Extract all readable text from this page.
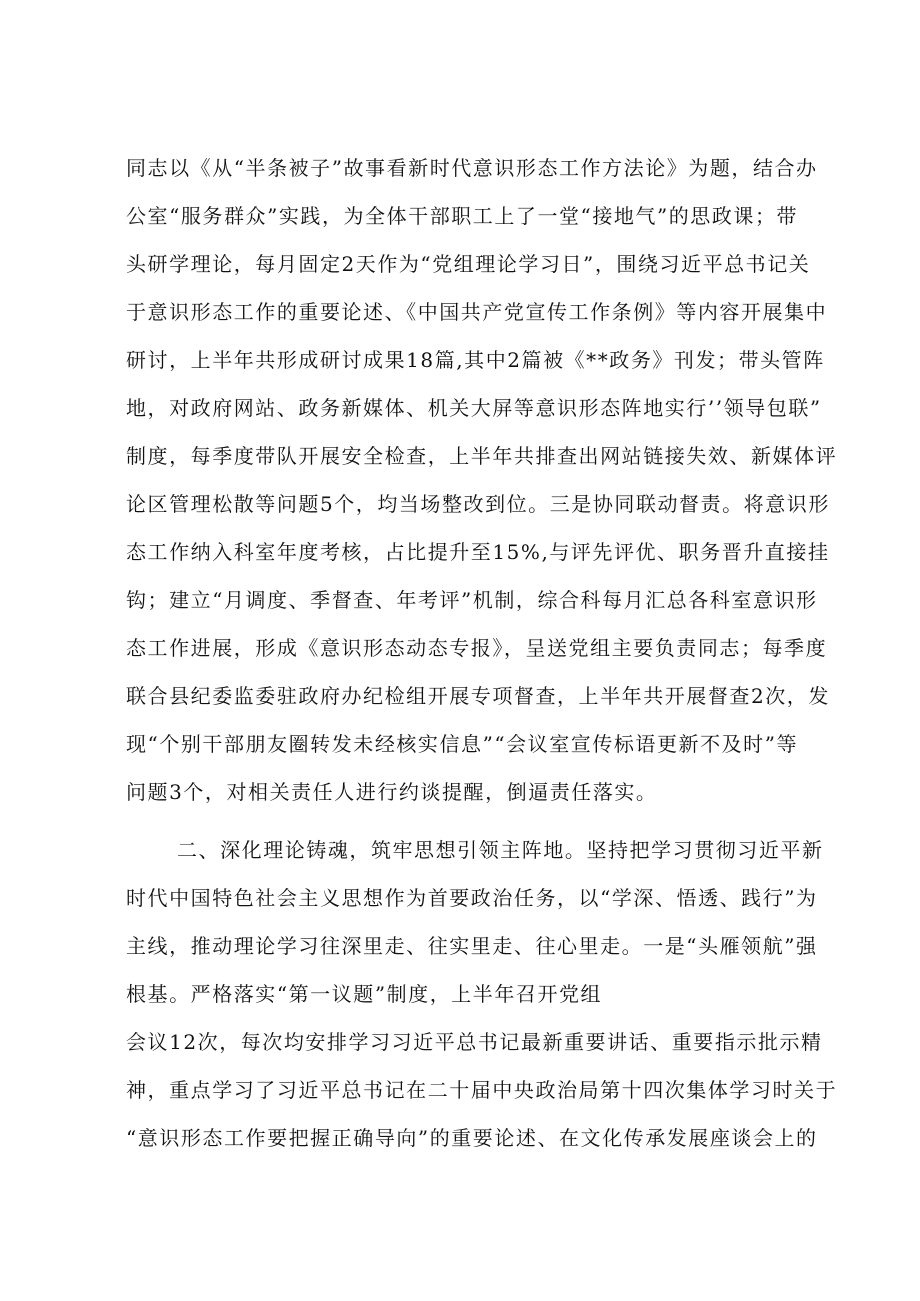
同志以《从“半条被子”故事看新时代意识形态工作方法论》为题，结合办
公室“服务群众”实践，为全体干部职工上了一堂“接地气”的思政课；带
头研学理论，每月固定2天作为“党组理论学习日”，围绕习近平总书记关
于意识形态工作的重要论述、《中国共产党宣传工作条例》等内容开展集中
研讨，上半年共形成研讨成果18篇,其中2篇被《**政务》刊发；带头管阵
地，对政府网站、政务新媒体、机关大屏等意识形态阵地实行’’领导包联”
制度，每季度带队开展安全检查，上半年共排查出网站链接失效、新媒体评
论区管理松散等问题5个，均当场整改到位。三是协同联动督责。将意识形
态工作纳入科室年度考核，占比提升至15%,与评先评优、职务晋升直接挂
钩；建立“月调度、季督查、年考评”机制，综合科每月汇总各科室意识形
态工作进展，形成《意识形态动态专报》，呈送党组主要负责同志；每季度
联合县纪委监委驻政府办纪检组开展专项督查，上半年共开展督查2次，发
现“个别干部朋友圈转发未经核实信息”“会议室宣传标语更新不及时”等
问题3个，对相关责任人进行约谈提醒，倒逼责任落实。
二、深化理论铸魂，筑牢思想引领主阵地。坚持把学习贯彻习近平新
时代中国特色社会主义思想作为首要政治任务，以“学深、悟透、践行”为
主线，推动理论学习往深里走、往实里走、往心里走。一是“头雁领航”强
根基。严格落实“第一议题”制度，上半年召开党组
会议12次，每次均安排学习习近平总书记最新重要讲话、重要指示批示精
神，重点学习了习近平总书记在二十届中央政治局第十四次集体学习时关于
“意识形态工作要把握正确导向”的重要论述、在文化传承发展座谈会上的
